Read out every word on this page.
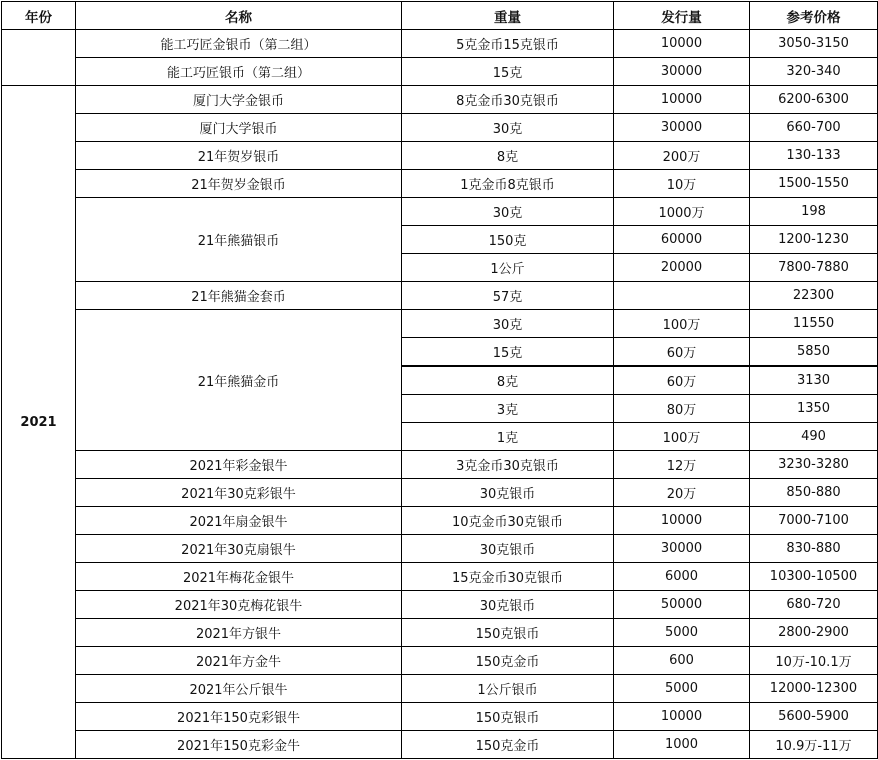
年份	名称	重量	发行量	参考价格
	能工巧匠金银币（第二组）	5克金币15克银币	10000	3050-3150
	能工巧匠银币（第二组）	15克	30000	320-340
2021	厦门大学金银币	8克金币30克银币	10000	6200-6300
	厦门大学银币	30克	30000	660-700
	21年贺岁银币	8克	200万	130-133
	21年贺岁金银币	1克金币8克银币	10万	1500-1550
	21年熊猫银币	30克	1000万	198
		150克	60000	1200-1230
		1公斤	20000	7800-7880
	21年熊猫金套币	57克		22300
	21年熊猫金币	30克	100万	11550
		15克	60万	5850
		8克	60万	3130
		3克	80万	1350
		1克	100万	490
	2021年彩金银牛	3克金币30克银币	12万	3230-3280
	2021年30克彩银牛	30克银币	20万	850-880
	2021年扇金银牛	10克金币30克银币	10000	7000-7100
	2021年30克扇银牛	30克银币	30000	830-880
	2021年梅花金银牛	15克金币30克银币	6000	10300-10500
	2021年30克梅花银牛	30克银币	50000	680-720
	2021年方银牛	150克银币	5000	2800-2900
	2021年方金牛	150克金币	600	10万-10.1万
	2021年公斤银牛	1公斤银币	5000	12000-12300
	2021年150克彩银牛	150克银币	10000	5600-5900
	2021年150克彩金牛	150克金币	1000	10.9万-11万
